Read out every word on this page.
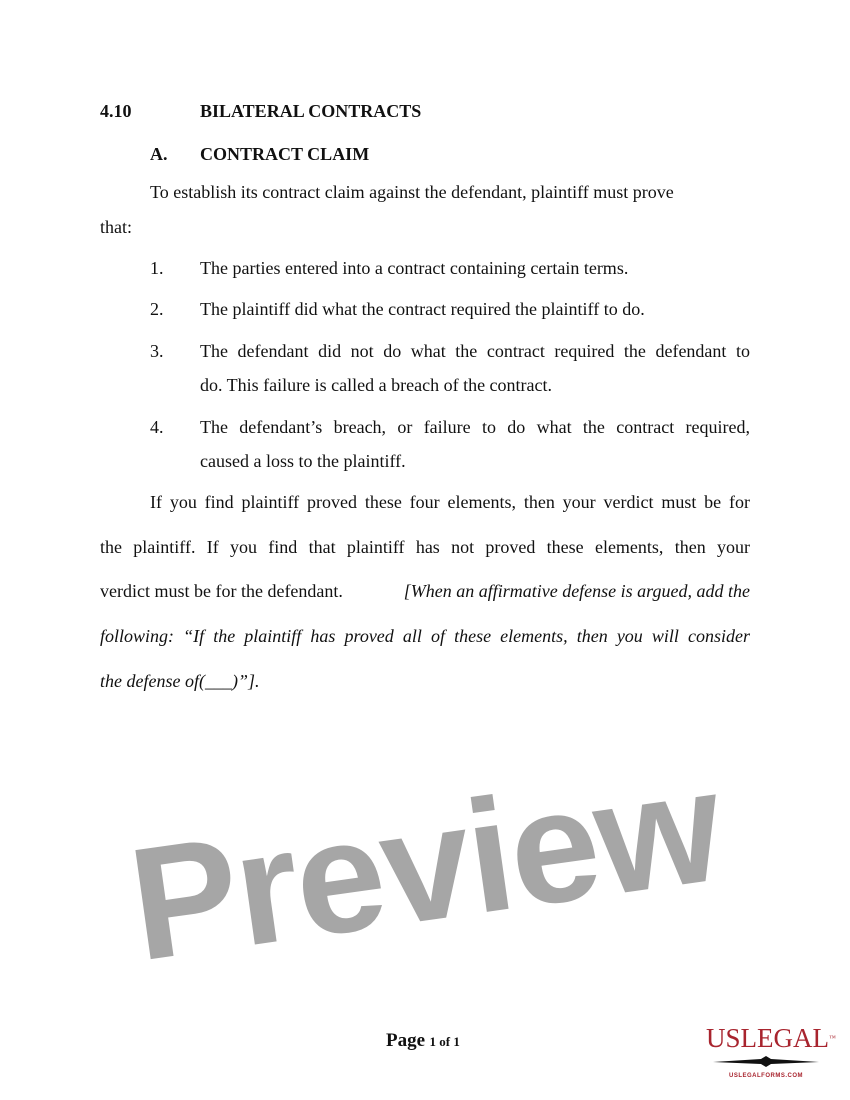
Preview
4.10	BILATERAL CONTRACTS
A. CONTRACT CLAIM
To establish its contract claim against the defendant, plaintiff must prove
that:
1. The parties entered into a contract containing certain terms.
2. The plaintiff did what the contract required the plaintiff to do.
3. The defendant did not do what the contract required the defendant to
do. This failure is called a breach of the contract.
4. The defendant’s breach, or failure to do what the contract required,
caused a loss to the plaintiff.
If you find plaintiff proved these four elements, then your verdict must be for
the plaintiff. If you find that plaintiff has not proved these elements, then your
verdict must be for the defendant.	[When an affirmative defense is argued, add the
following: “If the plaintiff has proved all of these elements, then you will consider
the defense of(___)”].
Page 1 of 1	USLEGAL™
USLEGALFORMS.COM
